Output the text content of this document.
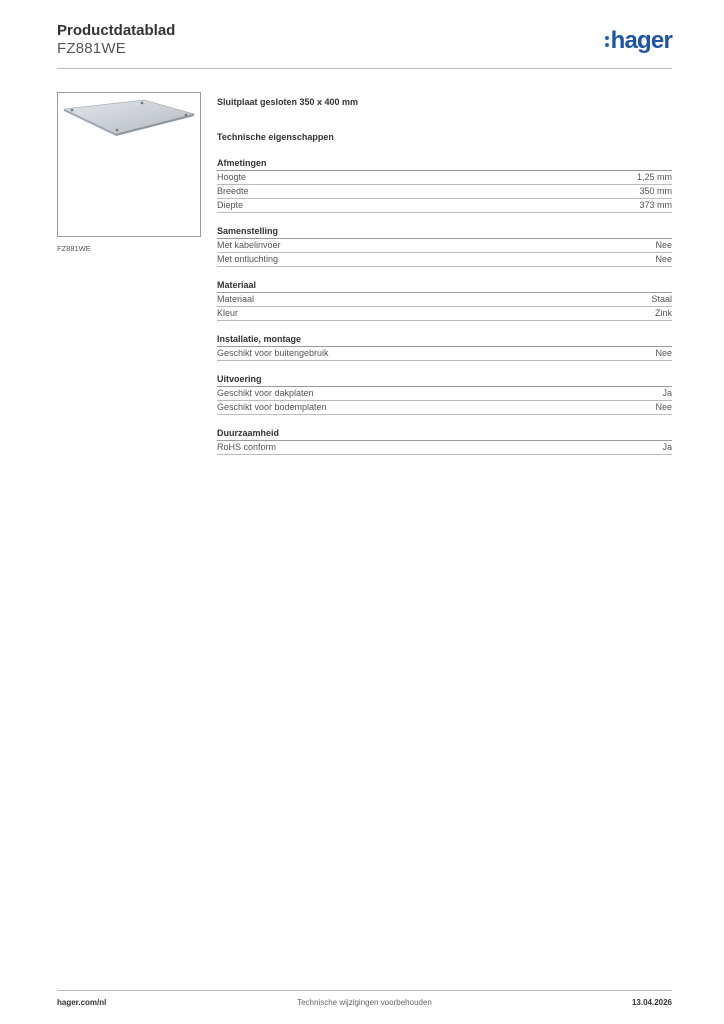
Productdatablad
FZ881WE	hager
FZ881WE
Sluitplaat gesloten 350 x 400 mm
Technische eigenschappen
Afmetingen
Hoogte	1,25 mm
Breedte	350 mm
Diepte	373 mm
Samenstelling
Met kabelinvoer	Nee
Met ontluchting	Nee
Materiaal
Materiaal	Staal
Kleur	Zink
Installatie, montage
Geschikt voor buitengebruik	Nee
Uitvoering
Geschikt voor dakplaten	Ja
Geschikt voor bodemplaten	Nee
Duurzaamheid
RoHS conform	Ja
Technische wijzigingen voorbehouden
hager.com/nl	13.04.2026
